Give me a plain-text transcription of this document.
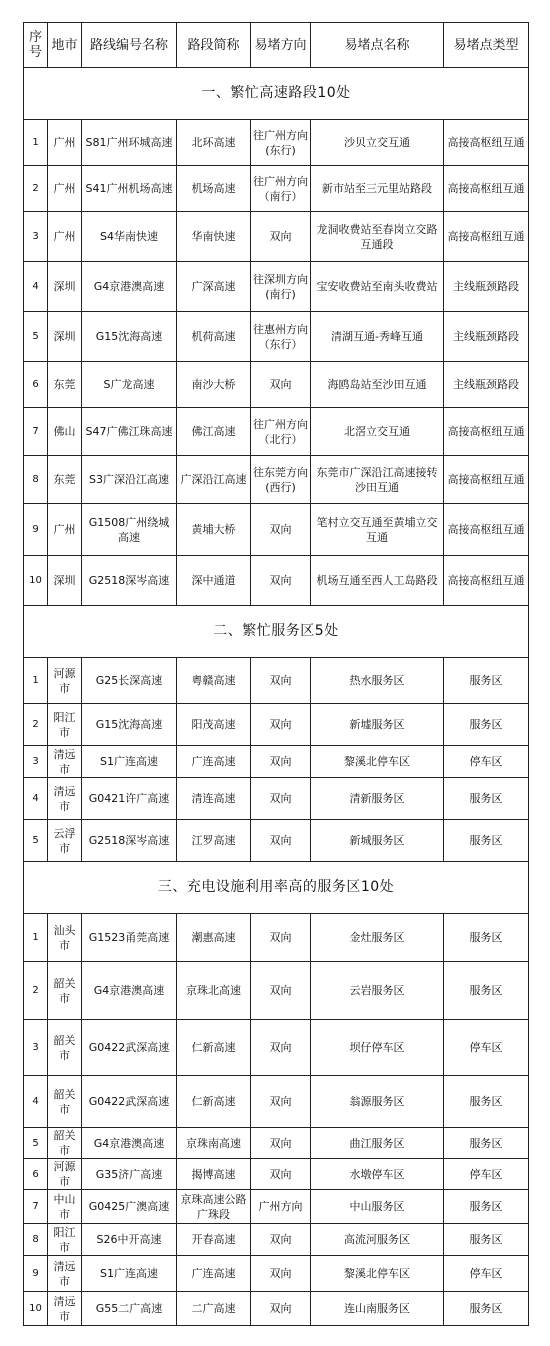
序号	地市	路线编号名称	路段简称	易堵方向	易堵点名称	易堵点类型
一、繁忙高速路段10处						
1	广州	S81广州环城高速	北环高速	往广州方向(东行)	沙贝立交互通	高接高枢纽互通
2	广州	S41广州机场高速	机场高速	往广州方向（南行）	新市站至三元里站路段	高接高枢纽互通
3	广州	S4华南快速	华南快速	双向	龙洞收费站至春岗立交路互通段	高接高枢纽互通
4	深圳	G4京港澳高速	广深高速	往深圳方向(南行)	宝安收费站至南头收费站	主线瓶颈路段
5	深圳	G15沈海高速	机荷高速	往惠州方向（东行）	清湖互通-秀峰互通	主线瓶颈路段
6	东莞	S广龙高速	南沙大桥	双向	海鸥岛站至沙田互通	主线瓶颈路段
7	佛山	S47广佛江珠高速	佛江高速	往广州方向（北行）	北滘立交互通	高接高枢纽互通
8	东莞	S3广深沿江高速	广深沿江高速	往东莞方向(西行)	东莞市广深沿江高速接转沙田互通	高接高枢纽互通
9	广州	G1508广州绕城高速	黄埔大桥	双向	笔村立交互通至黄埔立交互通	高接高枢纽互通
10	深圳	G2518深岑高速	深中通道	双向	机场互通至西人工岛路段	高接高枢纽互通
二、繁忙服务区5处						
1	河源市	G25长深高速	粤赣高速	双向	热水服务区	服务区
2	阳江市	G15沈海高速	阳茂高速	双向	新墟服务区	服务区
3	清远市	S1广连高速	广连高速	双向	黎溪北停车区	停车区
4	清远市	G0421许广高速	清连高速	双向	清新服务区	服务区
5	云浮市	G2518深岑高速	江罗高速	双向	新城服务区	服务区
三、充电设施利用率高的服务区10处						
1	汕头市	G1523甬莞高速	潮惠高速	双向	金灶服务区	服务区
2	韶关市	G4京港澳高速	京珠北高速	双向	云岩服务区	服务区
3	韶关市	G0422武深高速	仁新高速	双向	坝仔停车区	停车区
4	韶关市	G0422武深高速	仁新高速	双向	翁源服务区	服务区
5	韶关市	G4京港澳高速	京珠南高速	双向	曲江服务区	服务区
6	河源市	G35济广高速	揭博高速	双向	水墩停车区	停车区
7	中山市	G0425广澳高速	京珠高速公路广珠段	广州方向	中山服务区	服务区
8	阳江市	S26中开高速	开春高速	双向	高流河服务区	服务区
9	清远市	S1广连高速	广连高速	双向	黎溪北停车区	停车区
10	清远市	G55二广高速	二广高速	双向	连山南服务区	服务区
